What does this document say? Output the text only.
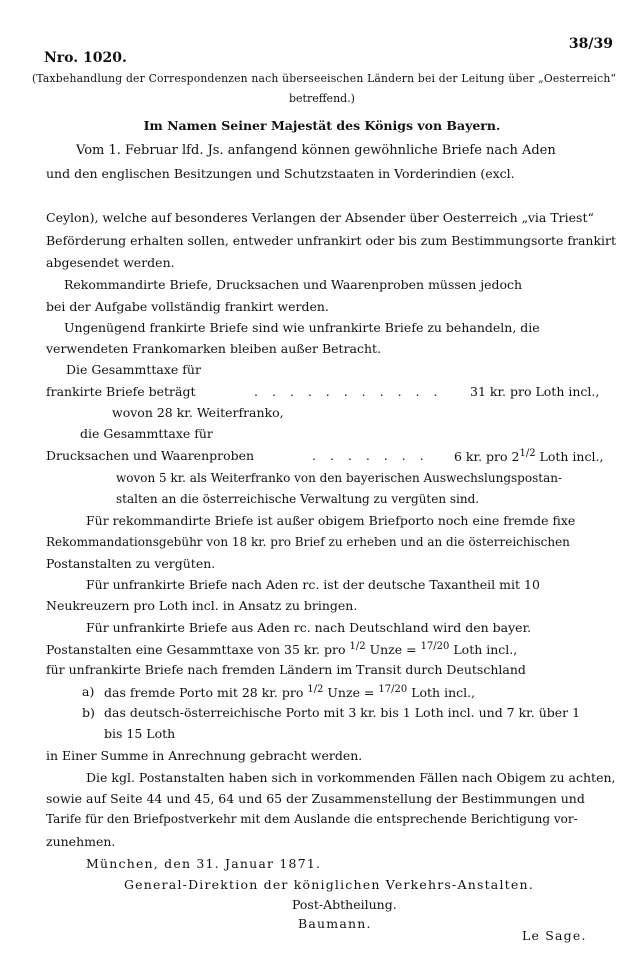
38/39
Nro. 1020.
(Taxbehandlung der Correspondenzen nach überseeischen Ländern bei der Leitung über „Oesterreich“
betreffend.)
Im Namen Seiner Majestät des Königs von Bayern.
Vom 1. Februar lfd. Js. anfangend können gewöhnliche Briefe nach Aden
und den englischen Besitzungen und Schutzstaaten in Vorderindien (excl.
Ceylon), welche auf besonderes Verlangen der Absender über Oesterreich „via Triest“
Beförderung erhalten sollen, entweder unfrankirt oder bis zum Bestimmungsorte frankirt
abgesendet werden.
Rekommandirte Briefe, Drucksachen und Waarenproben müssen jedoch
bei der Aufgabe vollständig frankirt werden.
Ungenügend frankirte Briefe sind wie unfrankirte Briefe zu behandeln, die
verwendeten Frankomarken bleiben außer Betracht.
Die Gesammttaxe für
frankirte Briefe beträgt	. . . . . . . . . . . 31 kr. pro Loth incl.,
wovon 28 kr. Weiterfranko,
die Gesammttaxe für
Drucksachen und Waarenproben	. . . . . . . 6 kr. pro $2^{1/2}$ Loth incl.,
wovon 5 kr. als Weiterfranko von den bayerischen Auswechslungspostan-
stalten an die österreichische Verwaltung zu vergüten sind.
Für rekommandirte Briefe ist außer obigem Briefporto noch eine fremde fixe
Rekommandationsgebühr von 18 kr. pro Brief zu erheben und an die österreichischen
Postanstalten zu vergüten.
Für unfrankirte Briefe nach Aden rc. ist der deutsche Taxantheil mit 10
Neukreuzern pro Loth incl. in Ansatz zu bringen.
Für unfrankirte Briefe aus Aden rc. nach Deutschland wird den bayer.
Postanstalten eine Gesammttaxe von 35 kr. pro $^{1/2}$ Unze = $^{17/20}$ Loth incl.,
für unfrankirte Briefe nach fremden Ländern im Transit durch Deutschland
a) das fremde Porto mit 28 kr. pro $^{1/2}$ Unze = $^{17/20}$ Loth incl.,
b) das deutsch-österreichische Porto mit 3 kr. bis 1 Loth incl. und 7 kr. über 1
bis 15 Loth
in Einer Summe in Anrechnung gebracht werden.
Die kgl. Postanstalten haben sich in vorkommenden Fällen nach Obigem zu achten,
sowie auf Seite 44 und 45, 64 und 65 der Zusammenstellung der Bestimmungen und
Tarife für den Briefpostverkehr mit dem Auslande die entsprechende Berichtigung vor-
zunehmen.
München, den 31. Januar 1871.
General-Direktion der königlichen Verkehrs-Anstalten.
Post-Abtheilung.
Baumann.
Le Sage.
